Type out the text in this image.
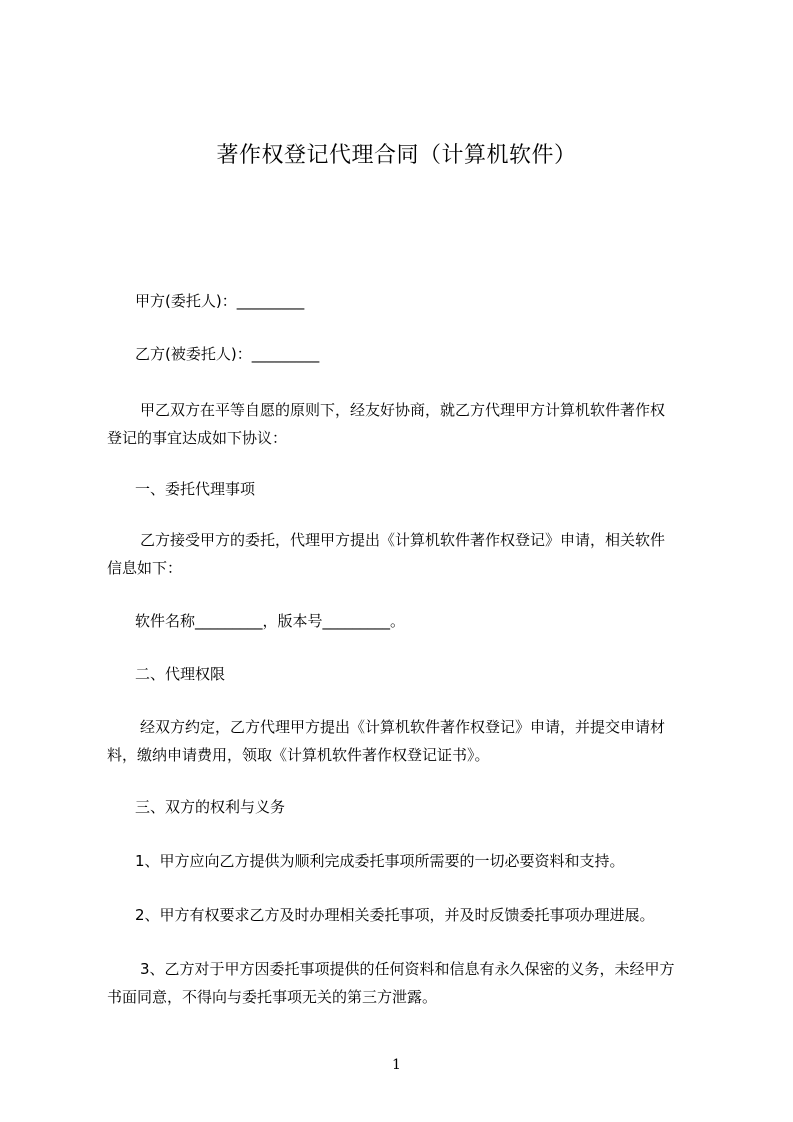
著作权登记代理合同（计算机软件）
甲方(委托人)：_________
乙方(被委托人)：_________
甲乙双方在平等自愿的原则下，经友好协商，就乙方代理甲方计算机软件著作权
登记的事宜达成如下协议：
一、委托代理事项
乙方接受甲方的委托，代理甲方提出《计算机软件著作权登记》申请，相关软件
信息如下：
软件名称_________，版本号_________。
二、代理权限
经双方约定，乙方代理甲方提出《计算机软件著作权登记》申请，并提交申请材
料，缴纳申请费用，领取《计算机软件著作权登记证书》。
三、双方的权利与义务
1、甲方应向乙方提供为顺利完成委托事项所需要的一切必要资料和支持。
2、甲方有权要求乙方及时办理相关委托事项，并及时反馈委托事项办理进展。
3、乙方对于甲方因委托事项提供的任何资料和信息有永久保密的义务，未经甲方
书面同意，不得向与委托事项无关的第三方泄露。
1
